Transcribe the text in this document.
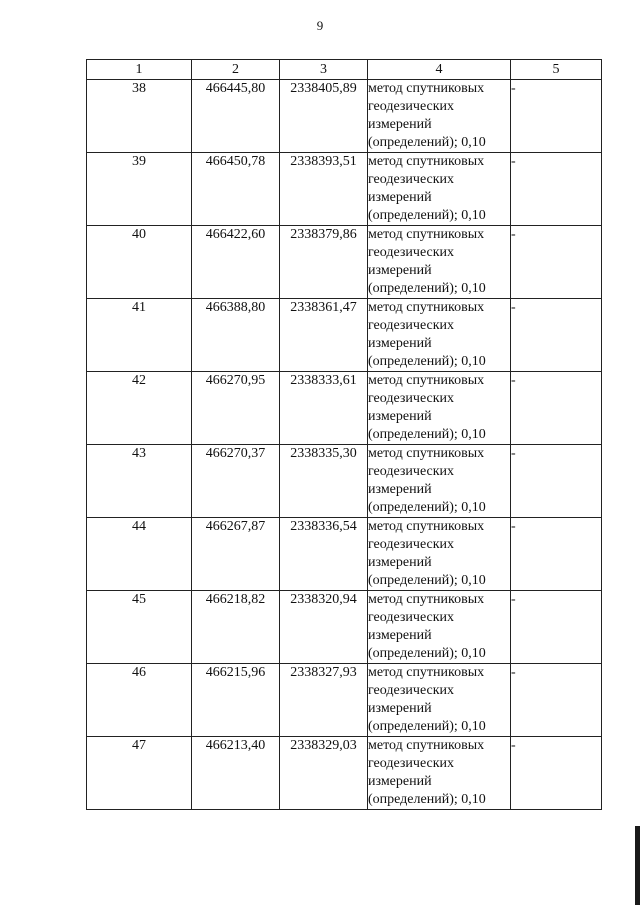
9
1	2	3	4	5
38	466445,80	2338405,89	метод спутниковых геодезических измерений (определений); 0,10	-
39	466450,78	2338393,51	метод спутниковых геодезических измерений (определений); 0,10	-
40	466422,60	2338379,86	метод спутниковых геодезических измерений (определений); 0,10	-
41	466388,80	2338361,47	метод спутниковых геодезических измерений (определений); 0,10	-
42	466270,95	2338333,61	метод спутниковых геодезических измерений (определений); 0,10	-
43	466270,37	2338335,30	метод спутниковых геодезических измерений (определений); 0,10	-
44	466267,87	2338336,54	метод спутниковых геодезических измерений (определений); 0,10	-
45	466218,82	2338320,94	метод спутниковых геодезических измерений (определений); 0,10	-
46	466215,96	2338327,93	метод спутниковых геодезических измерений (определений); 0,10	-
47	466213,40	2338329,03	метод спутниковых геодезических измерений (определений); 0,10	-
